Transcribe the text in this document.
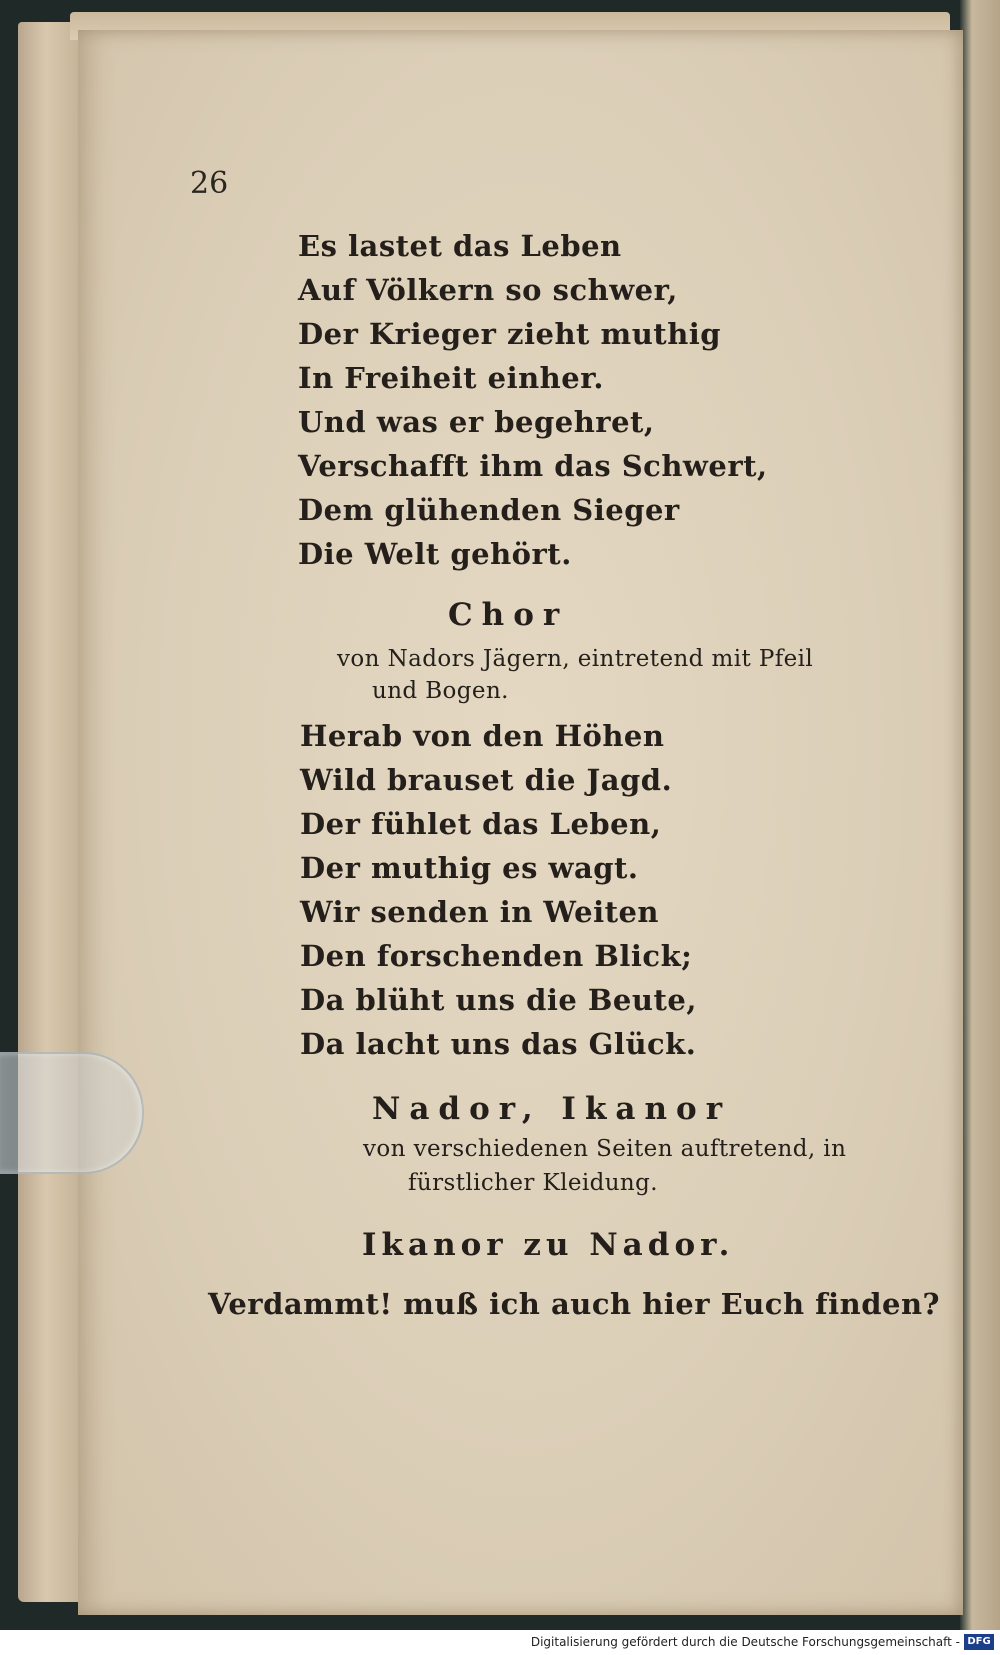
26

Es lastet das Leben

Auf Völkern so schwer,

Der Krieger zieht muthig

In Freiheit einher.

Und was er begehret,

Verschafft ihm das Schwert,

Dem glühenden Sieger

Die Welt gehört.

Chor

von Nadors Jägern, eintretend mit Pfeil

und Bogen.

Herab von den Höhen

Wild brauset die Jagd.

Der fühlet das Leben,

Der muthig es wagt.

Wir senden in Weiten

Den forschenden Blick;

Da blüht uns die Beute,

Da lacht uns das Glück.

Nador, Ikanor

von verschiedenen Seiten auftretend, in

fürstlicher Kleidung.

Ikanor zu Nador.

Verdammt! muß ich auch hier Euch finden?

Digitalisierung gefördert durch die Deutsche Forschungsgemeinschaft - DFG
